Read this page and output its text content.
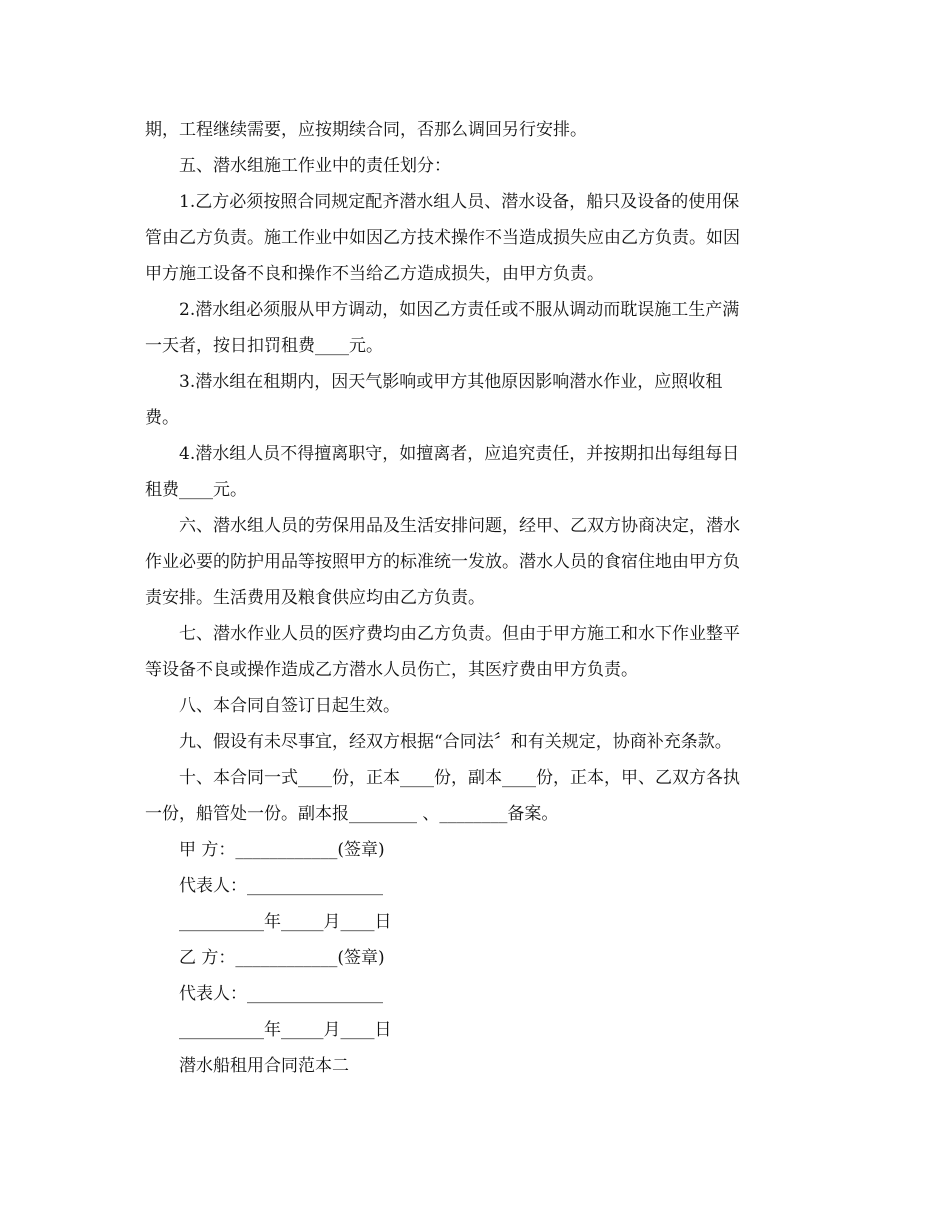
期，工程继续需要，应按期续合同，否那么调回另行安排。
五、潜水组施工作业中的责任划分：
1.乙方必须按照合同规定配齐潜水组人员、潜水设备，船只及设备的使用保
管由乙方负责。施工作业中如因乙方技术操作不当造成损失应由乙方负责。如因
甲方施工设备不良和操作不当给乙方造成损失，由甲方负责。
2.潜水组必须服从甲方调动，如因乙方责任或不服从调动而耽误施工生产满
一天者，按日扣罚租费____元。
3.潜水组在租期内，因天气影响或甲方其他原因影响潜水作业，应照收租
费。
4.潜水组人员不得擅离职守，如擅离者，应追究责任，并按期扣出每组每日
租费____元。
六、潜水组人员的劳保用品及生活安排问题，经甲、乙双方协商决定，潜水
作业必要的防护用品等按照甲方的标准统一发放。潜水人员的食宿住地由甲方负
责安排。生活费用及粮食供应均由乙方负责。
七、潜水作业人员的医疗费均由乙方负责。但由于甲方施工和水下作业整平
等设备不良或操作造成乙方潜水人员伤亡，其医疗费由甲方负责。
八、本合同自签订日起生效。
九、假设有未尽事宜，经双方根据“合同法〞和有关规定，协商补充条款。
十、本合同一式____份，正本____份，副本____份，正本，甲、乙双方各执
一份，船管处一份。副本报________ 、________备案。
甲 方：____________(签章)
代表人：________________
__________年_____月____日
乙 方：____________(签章)
代表人：________________
__________年_____月____日
潜水船租用合同范本二
